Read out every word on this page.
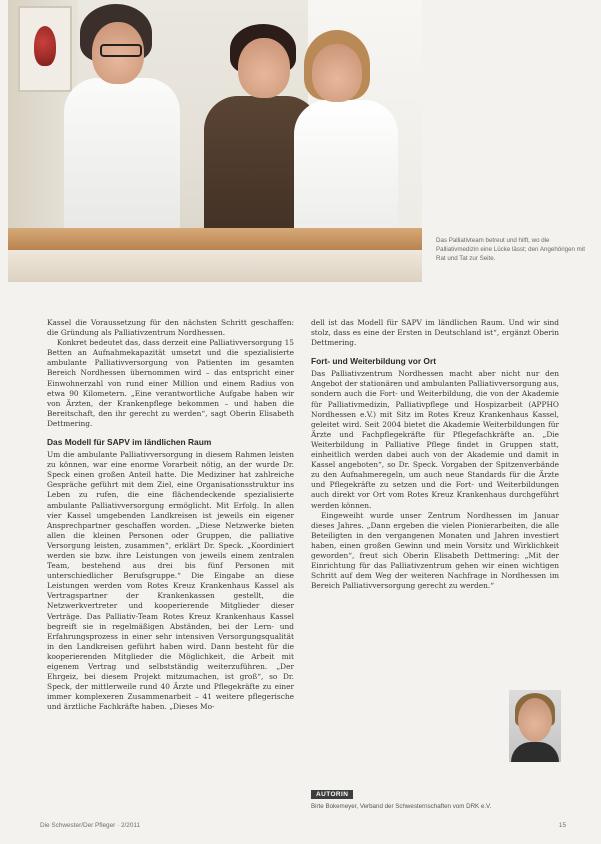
Das Palliativteam betreut und hilft, wo die Palliativmedizin eine Lücke lässt; den Angehörigen mit Rat und Tat zur Seite.

Kassel die Voraussetzung für den nächsten Schritt geschaffen: die Gründung als Palliativzentrum Nordhessen.

Konkret bedeutet das, dass derzeit eine Palliativversorgung 15 Betten an Aufnahmekapazität umsetzt und die spezialisierte ambulante Palliativversorgung von Patienten im gesamten Bereich Nordhessen übernommen wird – das entspricht einer Einwohnerzahl von rund einer Million und einem Radius von etwa 90 Kilometern. „Eine verantwortliche Aufgabe haben wir von Ärzten, der Krankenpflege bekommen – und haben die Bereitschaft, den ihr gerecht zu werden“, sagt Oberin Elisabeth Dettmering.

Das Modell für SAPV im ländlichen Raum

Um die ambulante Palliativversorgung in diesem Rahmen leisten zu können, war eine enorme Vorarbeit nötig, an der wurde Dr. Speck einen großen Anteil hatte. Die Mediziner hat zahlreiche Gespräche geführt mit dem Ziel, eine Organisationsstruktur ins Leben zu rufen, die eine flächendeckende spezialisierte ambulante Palliativversorgung ermöglicht. Mit Erfolg. In allen vier Kassel umgebenden Landkreisen ist jeweils ein eigener Ansprechpartner geschaffen worden. „Diese Netzwerke bieten allen die kleinen Personen oder Gruppen, die palliative Versorgung leisten, zusammen“, erklärt Dr. Speck. „Koordiniert werden sie bzw. ihre Leistungen von jeweils einem zentralen Team, bestehend aus drei bis fünf Personen mit unterschiedlicher Berufsgruppe.“ Die Eingabe an diese Leistungen werden vom Rotes Kreuz Krankenhaus Kassel als Vertragspartner der Krankenkassen gestellt, die Netzwerkvertreter und kooperierende Mitglieder dieser Verträge. Das Palliativ-Team Rotes Kreuz Krankenhaus Kassel begreift sie in regelmäßigen Abständen, bei der Lern- und Erfahrungsprozess in einer sehr intensiven Versorgungsqualität in den Landkreisen geführt haben wird. Dann besteht für die kooperierenden Mitglieder die Möglichkeit, die Arbeit mit eigenem Vertrag und selbstständig weiterzuführen. „Der Ehrgeiz, bei diesem Projekt mitzumachen, ist groß“, so Dr. Speck, der mittlerweile rund 40 Ärzte und Pflegekräfte zu einer immer komplexeren Zusammenarbeit – 41 weitere pflegerische und ärztliche Fachkräfte haben. „Dieses Mo-

dell ist das Modell für SAPV im ländlichen Raum. Und wir sind stolz, dass es eine der Ersten in Deutschland ist“, ergänzt Oberin Dettmering.

Fort- und Weiterbildung vor Ort

Das Palliativzentrum Nordhessen macht aber nicht nur den Angebot der stationären und ambulanten Palliativversorgung aus, sondern auch die Fort- und Weiterbildung, die von der Akademie für Palliativmedizin, Palliativpflege und Hospizarbeit (APPHO Nordhessen e.V.) mit Sitz im Rotes Kreuz Krankenhaus Kassel, geleitet wird. Seit 2004 bietet die Akademie Weiterbildungen für Ärzte und Fachpflegekräfte für Pflegefachkräfte an. „Die Weiterbildung in Palliative Pflege findet in Gruppen statt, einheitlich werden dabei auch von der Akademie und damit in Kassel angeboten“, so Dr. Speck. Vorgaben der Spitzenverbände zu den Aufnahmeregeln, um auch neue Standards für die Ärzte und Pflegekräfte zu setzen und die Fort- und Weiterbildungen auch direkt vor Ort vom Rotes Kreuz Krankenhaus durchgeführt werden können.

Eingeweiht wurde unser Zentrum Nordhessen im Januar dieses Jahres. „Dann ergeben die vielen Pionierarbeiten, die alle Beteiligten in den vergangenen Monaten und Jahren investiert haben, einen großen Gewinn und mein Vorsitz und Wirklichkeit geworden“, freut sich Oberin Elisabeth Dettmering: „Mit der Einrichtung für das Palliativzentrum gehen wir einen wichtigen Schritt auf dem Weg der weiteren Nachfrage in Nordhessen im Bereich Palliativversorgung gerecht zu werden.“

AUTORIN
Birte Bokemeyer, Verband der Schwesternschaften vom DRK e.V.
Die Schwester/Der Pfleger · 2/2011	15
